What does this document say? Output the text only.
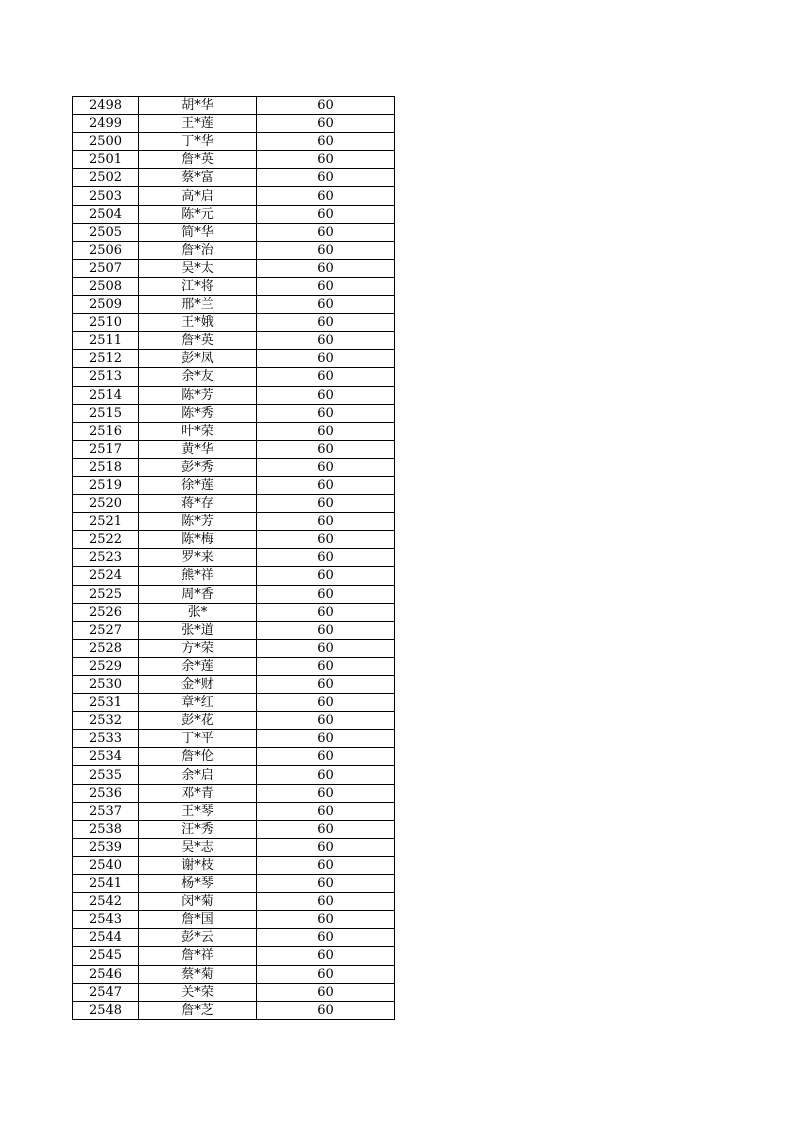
2498	胡*华	60
2499	王*莲	60
2500	丁*华	60
2501	詹*英	60
2502	蔡*富	60
2503	高*启	60
2504	陈*元	60
2505	简*华	60
2506	詹*治	60
2507	吴*太	60
2508	江*将	60
2509	邢*兰	60
2510	王*娥	60
2511	詹*英	60
2512	彭*凤	60
2513	余*友	60
2514	陈*芳	60
2515	陈*秀	60
2516	叶*荣	60
2517	黄*华	60
2518	彭*秀	60
2519	徐*莲	60
2520	蒋*存	60
2521	陈*芳	60
2522	陈*梅	60
2523	罗*来	60
2524	熊*祥	60
2525	周*香	60
2526	张*	60
2527	张*道	60
2528	方*荣	60
2529	余*莲	60
2530	金*财	60
2531	章*红	60
2532	彭*花	60
2533	丁*平	60
2534	詹*伦	60
2535	余*启	60
2536	邓*青	60
2537	王*琴	60
2538	汪*秀	60
2539	吴*志	60
2540	谢*枝	60
2541	杨*琴	60
2542	闵*菊	60
2543	詹*国	60
2544	彭*云	60
2545	詹*祥	60
2546	蔡*菊	60
2547	关*荣	60
2548	詹*芝	60
